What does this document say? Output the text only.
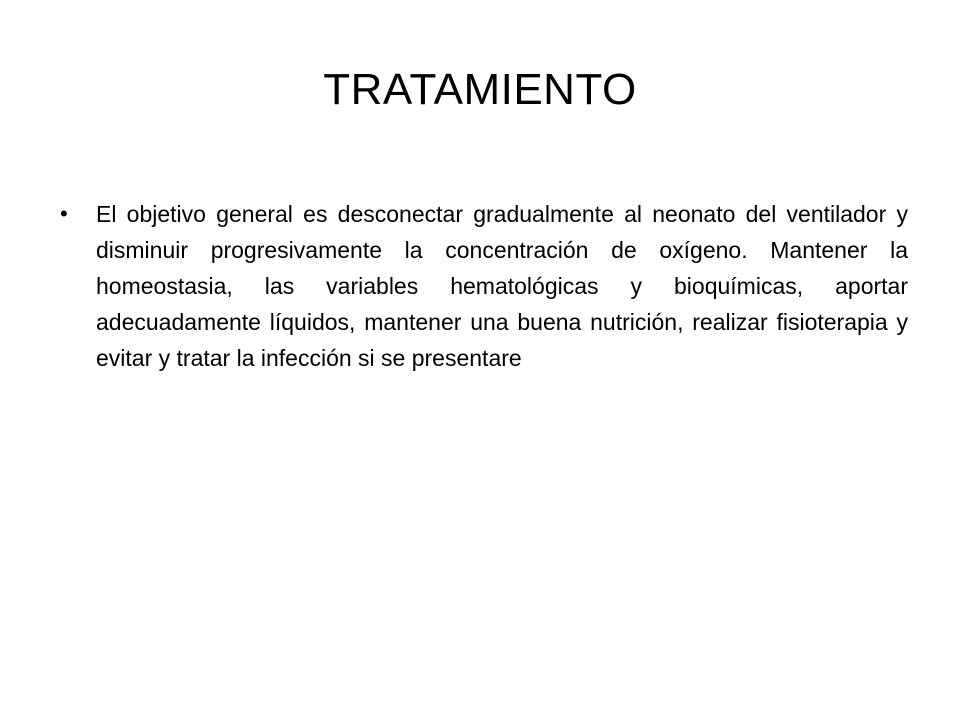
TRATAMIENTO
• El objetivo general es desconectar gradualmente al neonato del ventilador y disminuir progresivamente la concentración de oxígeno. Mantener la homeostasia, las variables hematológicas y bioquímicas, aportar adecuadamente líquidos, mantener una buena nutrición, realizar fisioterapia y evitar y tratar la infección si se presentare
